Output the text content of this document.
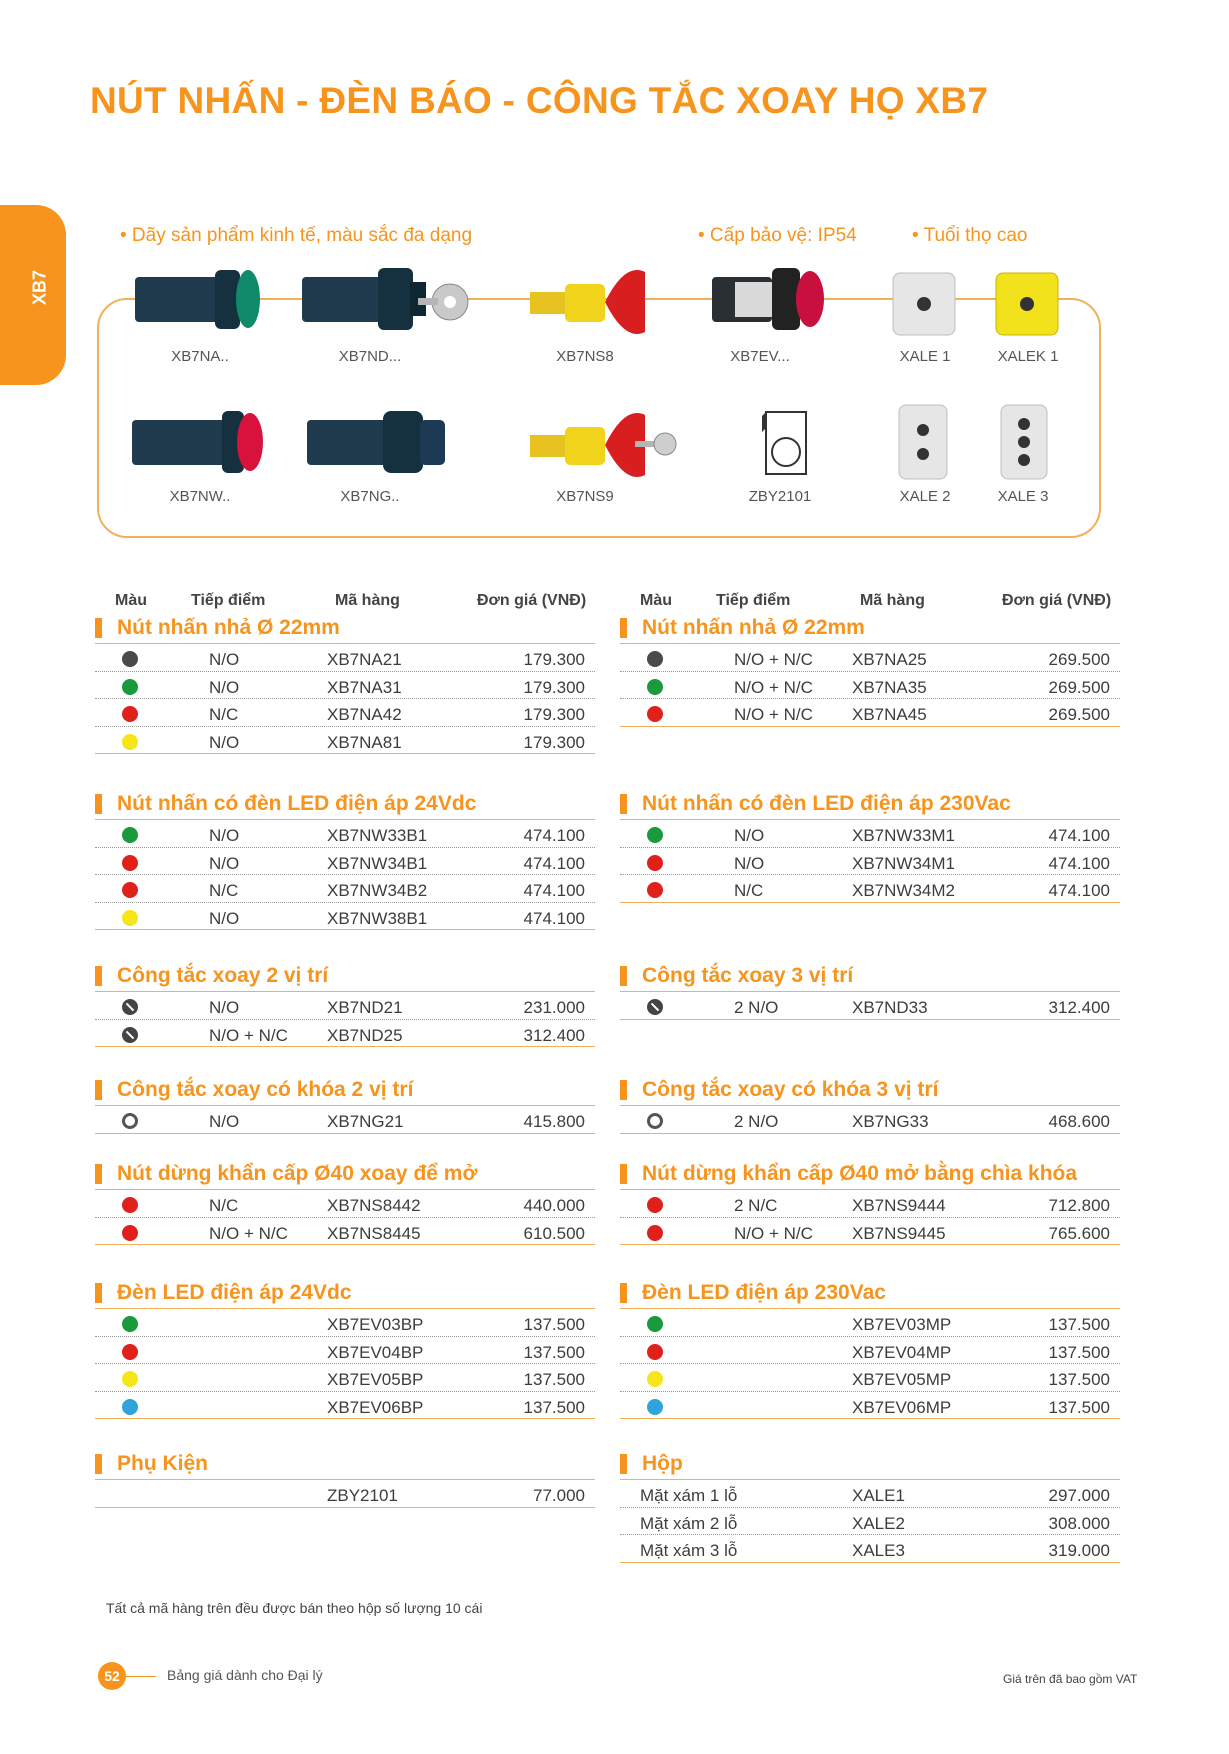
XB7
NÚT NHẤN - ĐÈN BÁO - CÔNG TẮC XOAY HỌ XB7
• Dãy sản phẩm kinh tế, màu sắc đa dạng	• Cấp bảo vệ: IP54	• Tuổi thọ cao
XB7NA..	XB7ND...	XB7NS8	XB7EV...	XALE 1	XALEK 1
XB7NW..	XB7NG..	XB7NS9	ZBY2101	XALE 2	XALE 3
Màu	Tiếp điểm	Mã hàng	Đơn giá (VNĐ)	Màu	Tiếp điểm	Mã hàng	Đơn giá (VNĐ)
Nút nhấn nhả Ø 22mm
N/O	XB7NA21	179.300
N/O	XB7NA31	179.300
N/C	XB7NA42	179.300
N/O	XB7NA81	179.300
Nút nhấn có đèn LED điện áp 24Vdc
N/O	XB7NW33B1	474.100
N/O	XB7NW34B1	474.100
N/C	XB7NW34B2	474.100
N/O	XB7NW38B1	474.100
Công tắc xoay 2 vị trí
N/O	XB7ND21	231.000
N/O + N/C XB7ND25	312.400
Công tắc xoay có khóa 2 vị trí
N/O	XB7NG21	415.800
Nút dừng khẩn cấp Ø40 xoay để mở
N/C	XB7NS8442	440.000
N/O + N/C XB7NS8445	610.500
Đèn LED điện áp 24Vdc
XB7EV03BP	137.500
XB7EV04BP	137.500
XB7EV05BP	137.500
XB7EV06BP	137.500
Phụ Kiện
ZBY2101	77.000
Nút nhấn nhả Ø 22mm
N/O + N/C XB7NA25	269.500
N/O + N/C XB7NA35	269.500
N/O + N/C XB7NA45	269.500
Nút nhấn có đèn LED điện áp 230Vac
N/O	XB7NW33M1	474.100
N/O	XB7NW34M1	474.100
N/C	XB7NW34M2	474.100
Công tắc xoay 3 vị trí
2 N/O	XB7ND33	312.400
Công tắc xoay có khóa 3 vị trí
2 N/O	XB7NG33	468.600
Nút dừng khẩn cấp Ø40 mở bằng chìa khóa
2 N/C	XB7NS9444	712.800
N/O + N/C XB7NS9445	765.600
Đèn LED điện áp 230Vac
XB7EV03MP	137.500
XB7EV04MP	137.500
XB7EV05MP	137.500
XB7EV06MP	137.500
Hộp
Mặt xám 1 lỗ	XALE1	297.000
Mặt xám 2 lỗ	XALE2	308.000
Mặt xám 3 lỗ	XALE3	319.000
Tất cả mã hàng trên đều được bán theo hộp số lượng 10 cái
52	Bảng giá dành cho Đại lý	Giá trên đã bao gồm VAT
